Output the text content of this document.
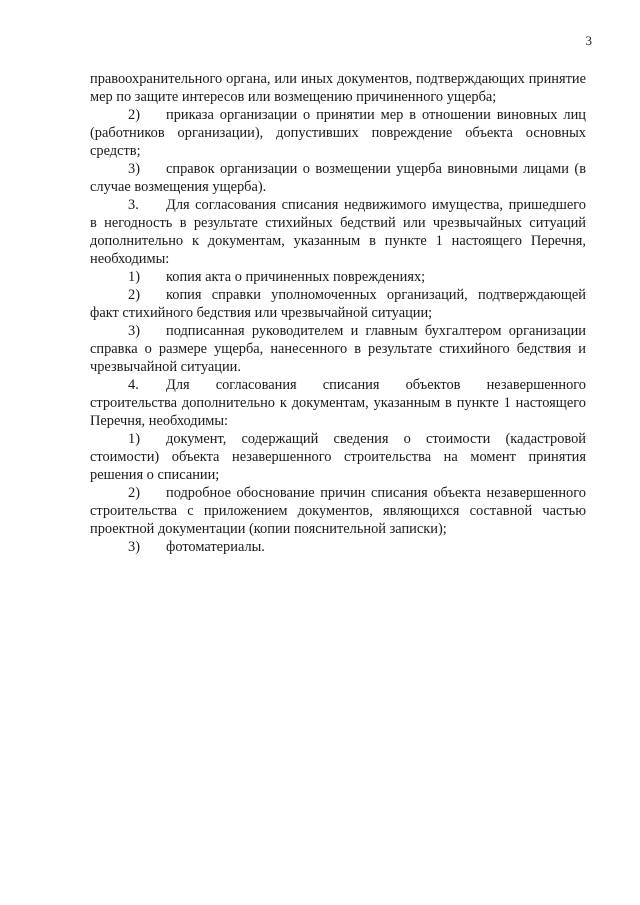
3

правоохранительного органа, или иных документов, подтверждающих принятие мер по защите интересов или возмещению причиненного ущерба;

2) приказа организации о принятии мер в отношении виновных лиц (работников организации), допустивших повреждение объекта основных средств;

3) справок организации о возмещении ущерба виновными лицами (в случае возмещения ущерба).

3. Для согласования списания недвижимого имущества, пришедшего в негодность в результате стихийных бедствий или чрезвычайных ситуаций дополнительно к документам, указанным в пункте 1 настоящего Перечня, необходимы:

1) копия акта о причиненных повреждениях;

2) копия справки уполномоченных организаций, подтверждающей факт стихийного бедствия или чрезвычайной ситуации;

3) подписанная руководителем и главным бухгалтером организации справка о размере ущерба, нанесенного в результате стихийного бедствия и чрезвычайной ситуации.

4. Для согласования списания объектов незавершенного строительства дополнительно к документам, указанным в пункте 1 настоящего Перечня, необходимы:

1) документ, содержащий сведения о стоимости (кадастровой стоимости) объекта незавершенного строительства на момент принятия решения о списании;

2) подробное обоснование причин списания объекта незавершенного строительства с приложением документов, являющихся составной частью проектной документации (копии пояснительной записки);

3) фотоматериалы.
